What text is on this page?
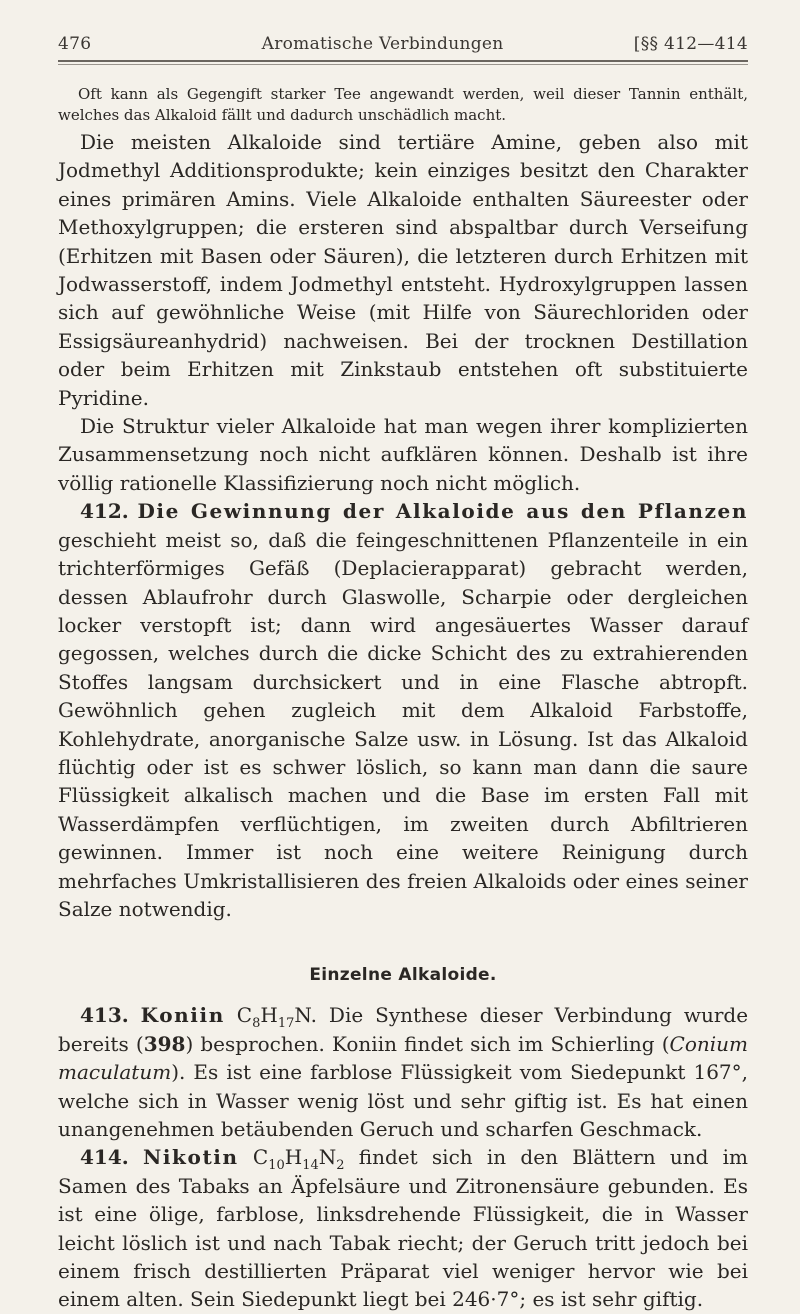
476	Aromatische Verbindungen	[§§ 412—414

Oft kann als Gegengift starker Tee angewandt werden, weil dieser Tannin enthält, welches das Alkaloid fällt und dadurch unschädlich macht.

Die meisten Alkaloide sind tertiäre Amine, geben also mit Jodmethyl Additionsprodukte; kein einziges besitzt den Charakter eines primären Amins. Viele Alkaloide enthalten Säureester oder Methoxylgruppen; die ersteren sind abspaltbar durch Verseifung (Erhitzen mit Basen oder Säuren), die letzteren durch Erhitzen mit Jodwasserstoff, indem Jodmethyl entsteht. Hydroxylgruppen lassen sich auf gewöhnliche Weise (mit Hilfe von Säurechloriden oder Essigsäureanhydrid) nachweisen. Bei der trocknen Destillation oder beim Erhitzen mit Zinkstaub entstehen oft substituierte Pyridine.

Die Struktur vieler Alkaloide hat man wegen ihrer komplizierten Zusammensetzung noch nicht aufklären können. Deshalb ist ihre völlig rationelle Klassifizierung noch nicht möglich.

412. Die Gewinnung der Alkaloide aus den Pflanzen geschieht meist so, daß die feingeschnittenen Pflanzenteile in ein trichterförmiges Gefäß (Deplacierapparat) gebracht werden, dessen Ablaufrohr durch Glaswolle, Scharpie oder dergleichen locker verstopft ist; dann wird angesäuertes Wasser darauf gegossen, welches durch die dicke Schicht des zu extrahierenden Stoffes langsam durchsickert und in eine Flasche abtropft. Gewöhnlich gehen zugleich mit dem Alkaloid Farbstoffe, Kohlehydrate, anorganische Salze usw. in Lösung. Ist das Alkaloid flüchtig oder ist es schwer löslich, so kann man dann die saure Flüssigkeit alkalisch machen und die Base im ersten Fall mit Wasserdämpfen verflüchtigen, im zweiten durch Abfiltrieren gewinnen. Immer ist noch eine weitere Reinigung durch mehrfaches Umkristallisieren des freien Alkaloids oder eines seiner Salze notwendig.

Einzelne Alkaloide.

413. Koniin $C_8H_{17}N$. Die Synthese dieser Verbindung wurde bereits (398) besprochen. Koniin findet sich im Schierling (Conium maculatum). Es ist eine farblose Flüssigkeit vom Siedepunkt 167°, welche sich in Wasser wenig löst und sehr giftig ist. Es hat einen unangenehmen betäubenden Geruch und scharfen Geschmack.

414. Nikotin $C_{10}H_{14}N_2$ findet sich in den Blättern und im Samen des Tabaks an Äpfelsäure und Zitronensäure gebunden. Es ist eine ölige, farblose, linksdrehende Flüssigkeit, die in Wasser leicht löslich ist und nach Tabak riecht; der Geruch tritt jedoch bei einem frisch destillierten Präparat viel weniger hervor wie bei einem alten. Sein Siedepunkt liegt bei 246·7°; es ist sehr giftig.
